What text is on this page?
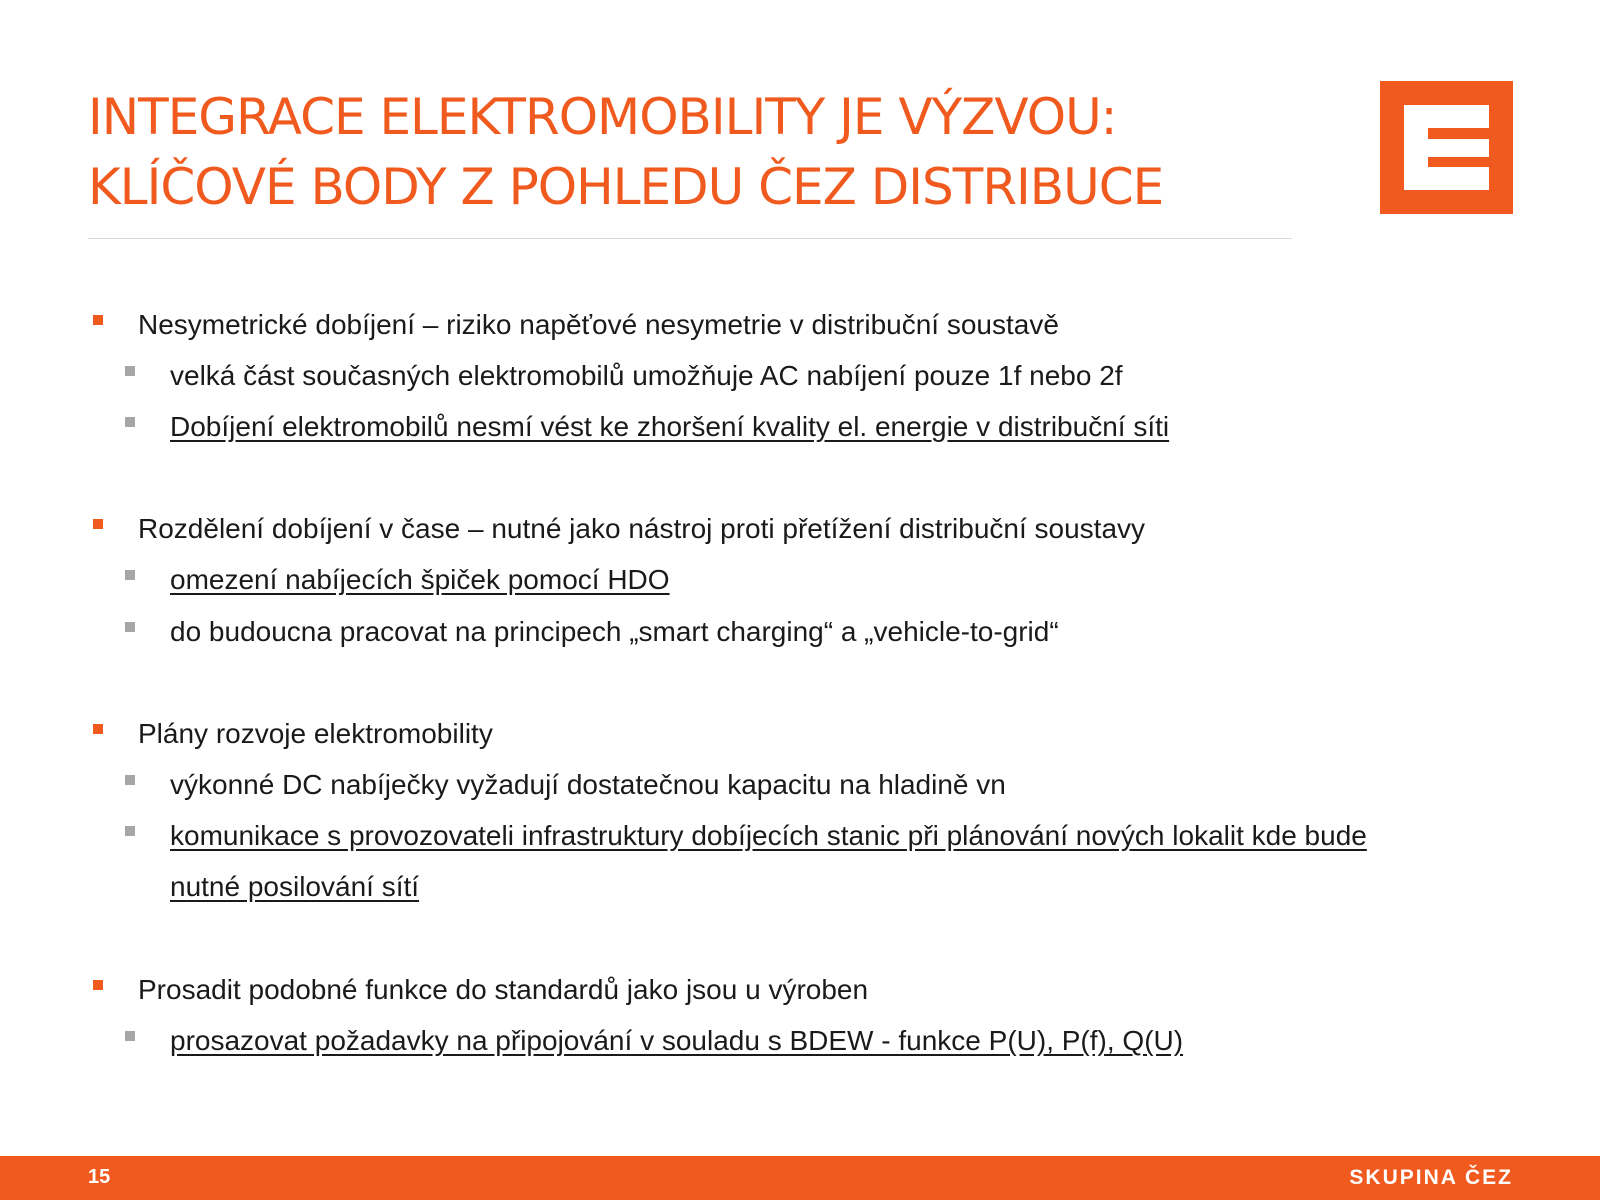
INTEGRACE ELEKTROMOBILITY JE VÝZVOU:
KLÍČOVÉ BODY Z POHLEDU ČEZ DISTRIBUCE
Nesymetrické dobíjení – riziko napěťové nesymetrie v distribuční soustavě
velká část současných elektromobilů umožňuje AC nabíjení pouze 1f nebo 2f
Dobíjení elektromobilů nesmí vést ke zhoršení kvality el. energie v distribuční síti
Rozdělení dobíjení v čase – nutné jako nástroj proti přetížení distribuční soustavy
omezení nabíjecích špiček pomocí HDO
do budoucna pracovat na principech „smart charging“ a „vehicle-to-grid“
Plány rozvoje elektromobility
výkonné DC nabíječky vyžadují dostatečnou kapacitu na hladině vn
komunikace s provozovateli infrastruktury dobíjecích stanic při plánování nových lokalit kde bude
nutné posilování sítí
Prosadit podobné funkce do standardů jako jsou u výroben
prosazovat požadavky na připojování v souladu s BDEW - funkce P(U), P(f), Q(U)
15	SKUPINA ČEZ
